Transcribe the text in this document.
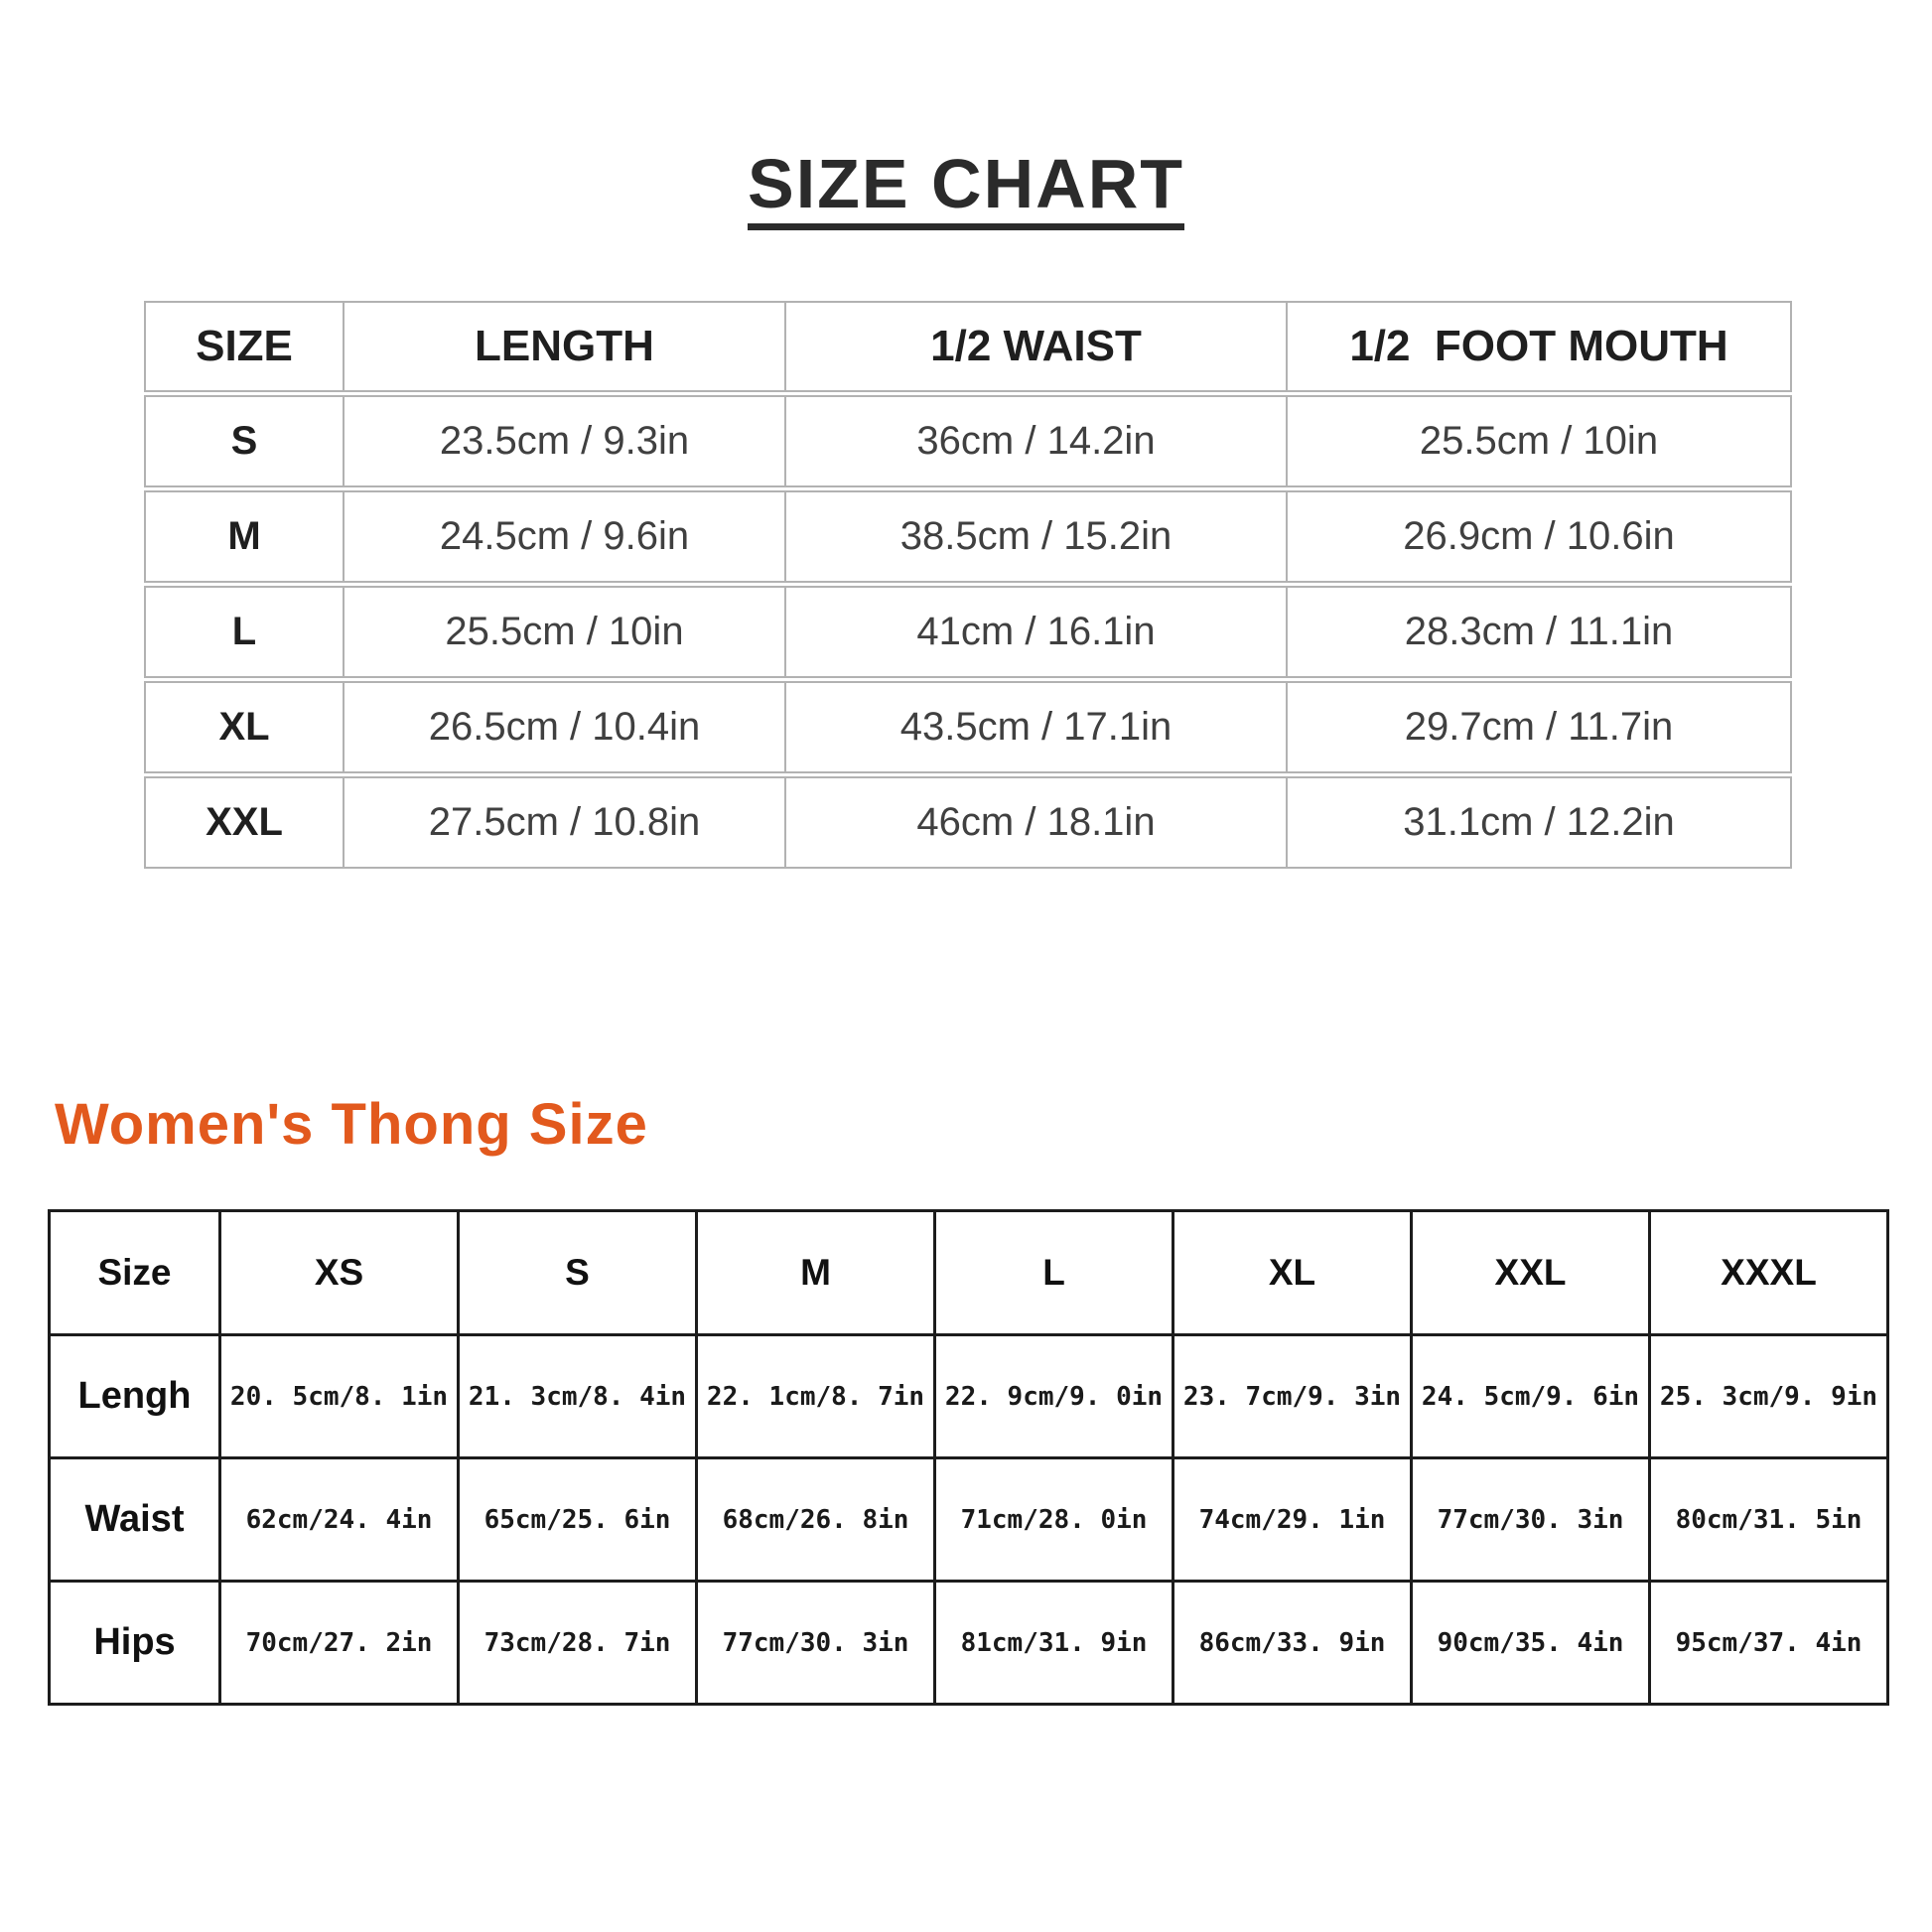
SIZE CHART
SIZE	LENGTH	1/2 WAIST	1/2  FOOT MOUTH
S	23.5cm / 9.3in	36cm / 14.2in	25.5cm / 10in
M	24.5cm / 9.6in	38.5cm / 15.2in	26.9cm / 10.6in
L	25.5cm / 10in	41cm / 16.1in	28.3cm / 11.1in
XL	26.5cm / 10.4in	43.5cm / 17.1in	29.7cm / 11.7in
XXL	27.5cm / 10.8in	46cm / 18.1in	31.1cm / 12.2in
Women's Thong Size
Size	XS	S	M	L	XL	XXL	XXXL
Lengh	20. 5cm/8. 1in	21. 3cm/8. 4in	22. 1cm/8. 7in	22. 9cm/9. 0in	23. 7cm/9. 3in	24. 5cm/9. 6in	25. 3cm/9. 9in
Waist	62cm/24. 4in	65cm/25. 6in	68cm/26. 8in	71cm/28. 0in	74cm/29. 1in	77cm/30. 3in	80cm/31. 5in
Hips	70cm/27. 2in	73cm/28. 7in	77cm/30. 3in	81cm/31. 9in	86cm/33. 9in	90cm/35. 4in	95cm/37. 4in
